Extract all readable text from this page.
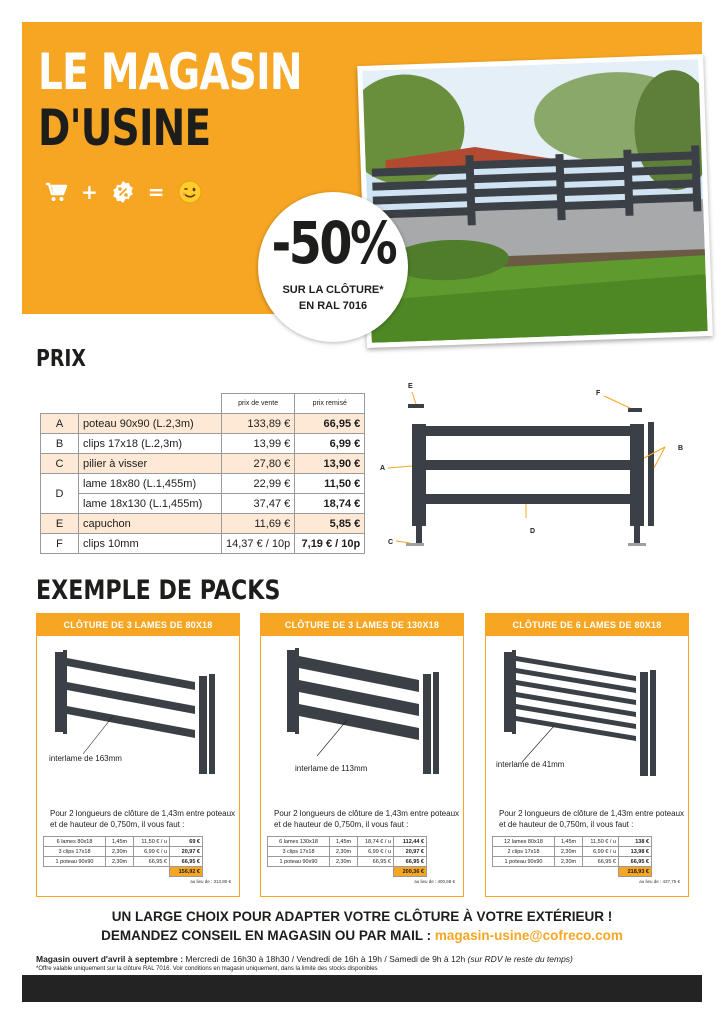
LE MAGASIN
D'USINE
+	=
-50%
SUR LA CLÔTURE*
EN RAL 7016
PRIX
		prix de vente	prix remisé
A	poteau 90x90 (L.2,3m)	133,89 €	66,95 €
B	clips 17x18 (L.2,3m)	13,99 €	6,99 €
C	pilier à visser	27,80 €	13,90 €
D	lame 18x80 (L.1,455m)	22,99 €	11,50 €
	lame 18x130 (L.1,455m)	37,47 €	18,74 €
E	capuchon	11,69 €	5,85 €
F	clips 10mm	14,37 € / 10p	7,19 € / 10p
A
B
C
D
E
F
EXEMPLE DE PACKS
CLÔTURE DE 3 LAMES DE 80X18
interlame de 163mm
Pour 2 longueurs de clôture de 1,43m entre poteaux et de hauteur de 0,750m, il vous faut :
6 lames 80x18	1,45m	11,50 € / u	69 €
3 clips 17x18	2,30m	6,99 € / u	20,97 €
1 poteau 90x90	2,30m	66,95 €	66,95 €
			156,92 €
au lieu de : 313,80 €
CLÔTURE DE 3 LAMES DE 130X18
interlame de 113mm
Pour 2 longueurs de clôture de 1,43m entre poteaux et de hauteur de 0,750m, il vous faut :
6 lames 130x18	1,45m	18,74 € / u	112,44 €
3 clips 17x18	2,30m	6,99 € / u	20,97 €
1 poteau 90x90	2,30m	66,95 €	66,95 €
			200,36 €
au lieu de : 400,68 €
CLÔTURE DE 6 LAMES DE 80X18
interlame de 41mm
Pour 2 longueurs de clôture de 1,43m entre poteaux et de hauteur de 0,750m, il vous faut :
12 lames 80x18	1,45m	11,50 € / u	138 €
2 clips 17x18	2,30m	6,99 € / u	13,98 €
1 poteau 90x90	2,30m	66,95 €	66,95 €
			218,93 €
au lieu de : 437,75 €
UN LARGE CHOIX POUR ADAPTER VOTRE CLÔTURE À VOTRE EXTÉRIEUR !
DEMANDEZ CONSEIL EN MAGASIN OU PAR MAIL : magasin-usine@cofreco.com
Magasin ouvert d'avril à septembre : Mercredi de 16h30 à 18h30 / Vendredi de 16h à 19h / Samedi de 9h à 12h (sur RDV le reste du temps)
*Offre valable uniquement sur la clôture RAL 7016. Voir conditions en magasin uniquement, dans la limite des stocks disponibles
